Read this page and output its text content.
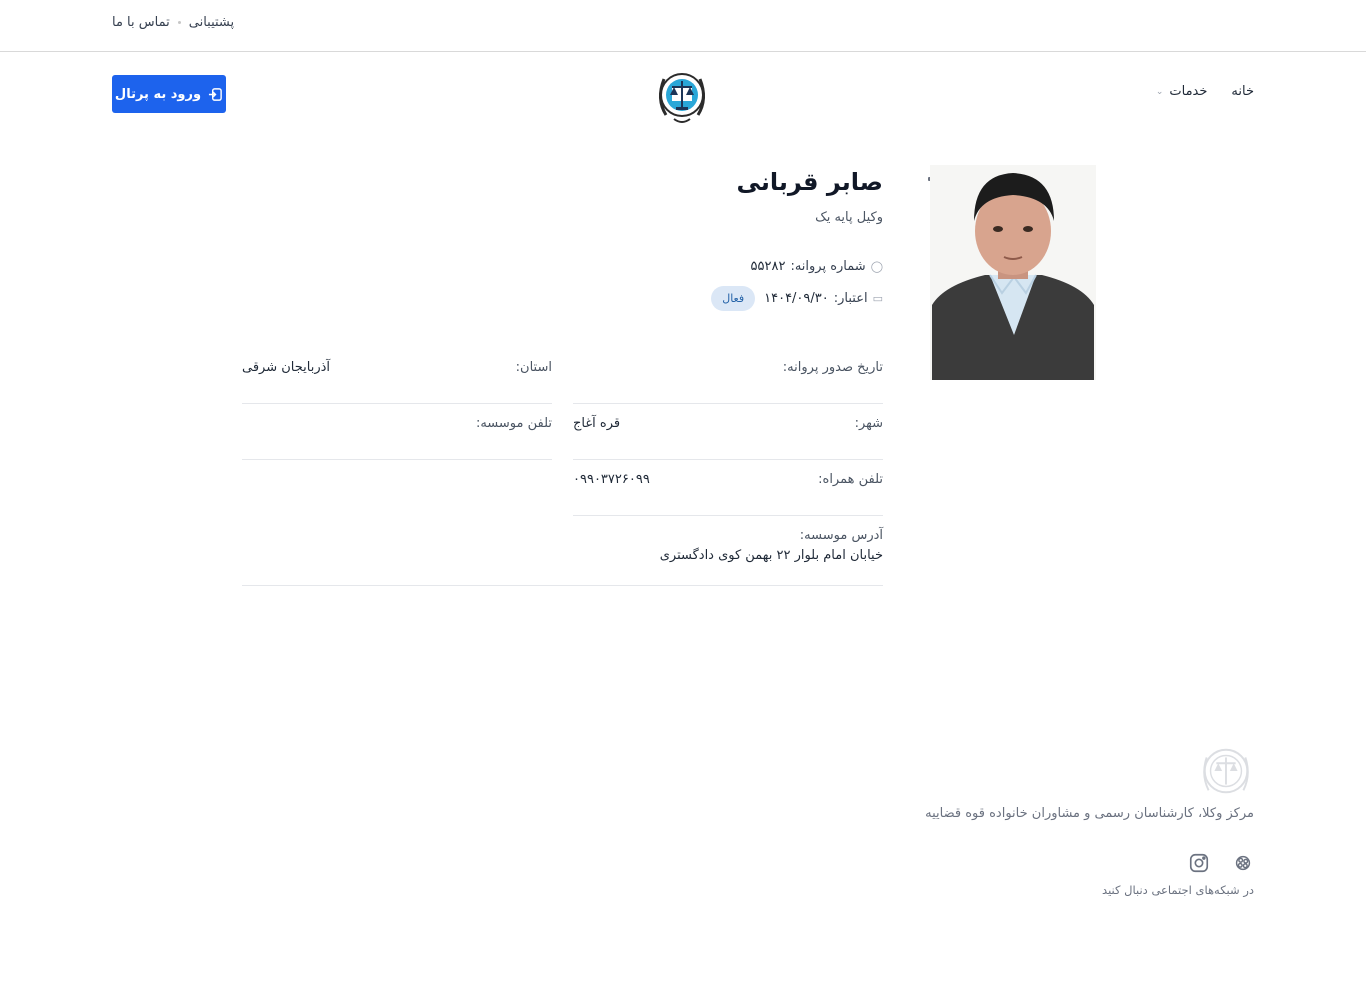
پشتیبانی
تماس با ما
ورود به پرتال	خانه
خدمات
⌄
صابر قربانی
وکیل پایه یک
◯
شماره پروانه:
۵۵۲۸۲
▭
اعتبار:
۱۴۰۴/۰۹/۳۰
فعال
تاریخ صدور پروانه:
استان:
آذربایجان شرقی
شهر:
قره آغاج
تلفن موسسه:
تلفن همراه:
۰۹۹۰۳۷۲۶۰۹۹
آدرس موسسه:
خیابان امام بلوار ۲۲ بهمن کوی دادگستری
مرکز وکلا، کارشناسان رسمی و مشاوران خانواده قوه قضاییه
در شبکه‌های اجتماعی دنبال کنید
